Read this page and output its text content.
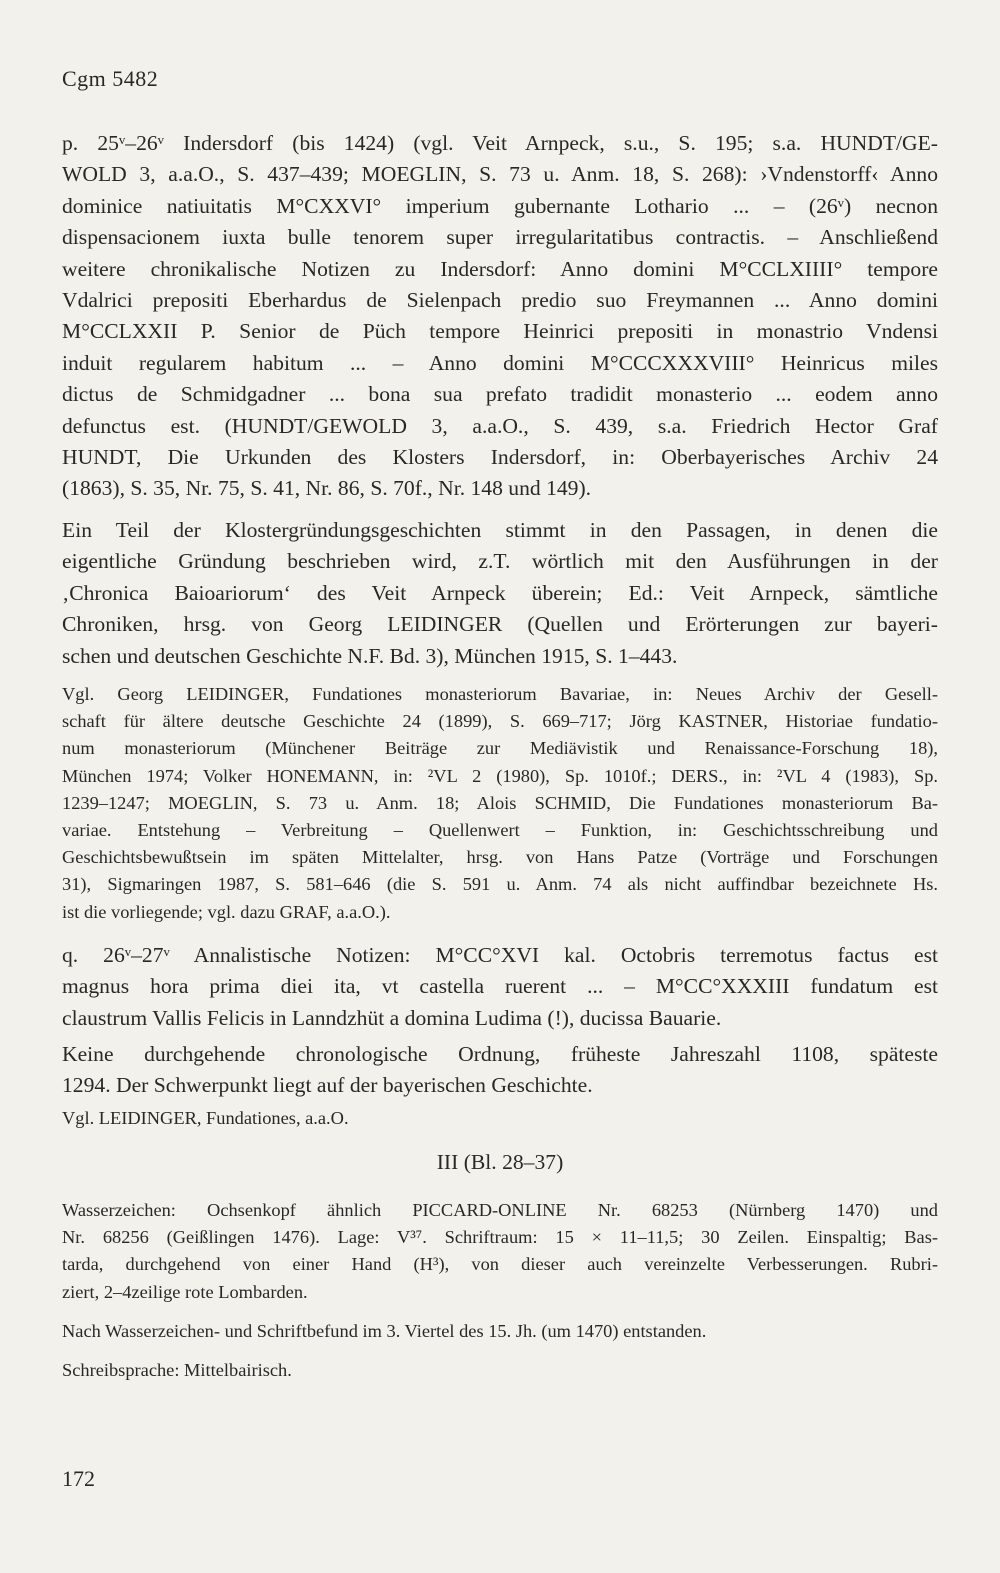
Cgm 5482

p. 25ᵛ–26ᵛ Indersdorf (bis 1424) (vgl. Veit Arnpeck, s.u., S. 195; s.a. HUNDT/GE-

WOLD 3, a.a.O., S. 437–439; MOEGLIN, S. 73 u. Anm. 18, S. 268): ›Vndenstorff‹ Anno

dominice natiuitatis M°CXXVI° imperium gubernante Lothario ... – (26ᵛ) necnon

dispensacionem iuxta bulle tenorem super irregularitatibus contractis. – Anschließend

weitere chronikalische Notizen zu Indersdorf: Anno domini M°CCLXIIII° tempore

Vdalrici prepositi Eberhardus de Sielenpach predio suo Freymannen ... Anno domini

M°CCLXXII P. Senior de Püch tempore Heinrici prepositi in monastrio Vndensi

induit regularem habitum ... – Anno domini M°CCCXXXVIII° Heinricus miles

dictus de Schmidgadner ... bona sua prefato tradidit monasterio ... eodem anno

defunctus est. (HUNDT/GEWOLD 3, a.a.O., S. 439, s.a. Friedrich Hector Graf

HUNDT, Die Urkunden des Klosters Indersdorf, in: Oberbayerisches Archiv 24

(1863), S. 35, Nr. 75, S. 41, Nr. 86, S. 70f., Nr. 148 und 149).

Ein Teil der Klostergründungsgeschichten stimmt in den Passagen, in denen die

eigentliche Gründung beschrieben wird, z.T. wörtlich mit den Ausführungen in der

‚Chronica Baioariorum‘ des Veit Arnpeck überein; Ed.: Veit Arnpeck, sämtliche

Chroniken, hrsg. von Georg LEIDINGER (Quellen und Erörterungen zur bayeri-

schen und deutschen Geschichte N.F. Bd. 3), München 1915, S. 1–443.

Vgl. Georg LEIDINGER, Fundationes monasteriorum Bavariae, in: Neues Archiv der Gesell-

schaft für ältere deutsche Geschichte 24 (1899), S. 669–717; Jörg KASTNER, Historiae fundatio-

num monasteriorum (Münchener Beiträge zur Mediävistik und Renaissance-Forschung 18),

München 1974; Volker HONEMANN, in: ²VL 2 (1980), Sp. 1010f.; DERS., in: ²VL 4 (1983), Sp.

1239–1247; MOEGLIN, S. 73 u. Anm. 18; Alois SCHMID, Die Fundationes monasteriorum Ba-

variae. Entstehung – Verbreitung – Quellenwert – Funktion, in: Geschichtsschreibung und

Geschichtsbewußtsein im späten Mittelalter, hrsg. von Hans Patze (Vorträge und Forschungen

31), Sigmaringen 1987, S. 581–646 (die S. 591 u. Anm. 74 als nicht auffindbar bezeichnete Hs.

ist die vorliegende; vgl. dazu GRAF, a.a.O.).

q. 26ᵛ–27ᵛ Annalistische Notizen: M°CC°XVI kal. Octobris terremotus factus est

magnus hora prima diei ita, vt castella ruerent ... – M°CC°XXXIII fundatum est

claustrum Vallis Felicis in Lanndzhüt a domina Ludima (!), ducissa Bauarie.

Keine durchgehende chronologische Ordnung, früheste Jahreszahl 1108, späteste

1294. Der Schwerpunkt liegt auf der bayerischen Geschichte.

Vgl. LEIDINGER, Fundationes, a.a.O.

III (Bl. 28–37)

Wasserzeichen: Ochsenkopf ähnlich PICCARD-ONLINE Nr. 68253 (Nürnberg 1470) und

Nr. 68256 (Geißlingen 1476). Lage: V³⁷. Schriftraum: 15 × 11–11,5; 30 Zeilen. Einspaltig; Bas-

tarda, durchgehend von einer Hand (H³), von dieser auch vereinzelte Verbesserungen. Rubri-

ziert, 2–4zeilige rote Lombarden.

Nach Wasserzeichen- und Schriftbefund im 3. Viertel des 15. Jh. (um 1470) entstanden.

Schreibsprache: Mittelbairisch.

172
